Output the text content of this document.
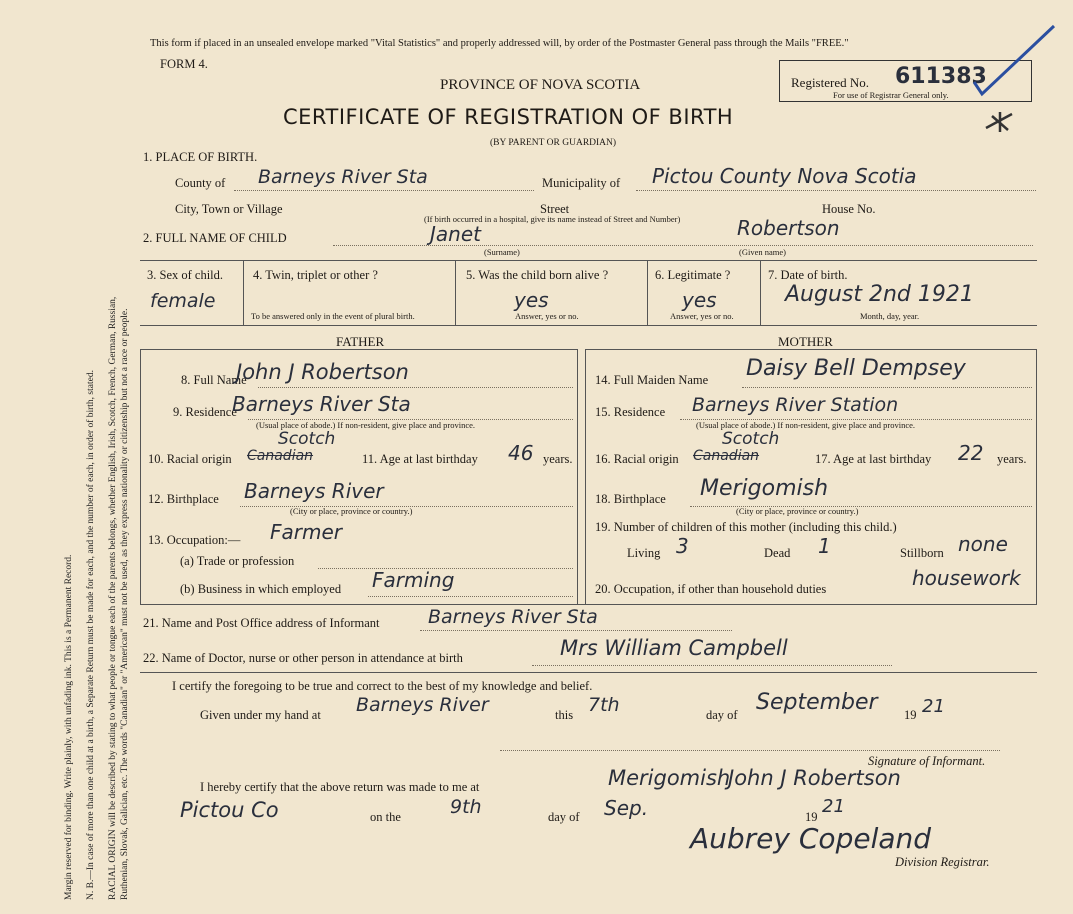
Margin reserved for binding. Write plainly, with unfading ink. This is a Permanent Record. N. B.—In case of more than one child at a birth, a Separate Return must be made for each, and the number of each, in order of birth, stated. RACIAL ORIGIN will be described by stating to what people or tongue each of the parents belongs, whether English, Irish, Scotch, French, German, Russian, Ruthenian, Slovak, Galician, etc. The words "Canadian" or "American" must not be used, as they express nationality or citizenship but not a race or people.
This form if placed in an unsealed envelope marked "Vital Statistics" and properly addressed will, by order of the Postmaster General pass through the Mails "FREE."
FORM 4.
PROVINCE OF NOVA SCOTIA
CERTIFICATE OF REGISTRATION OF BIRTH
(BY PARENT OR GUARDIAN)
Registered No. 611383
For use of Registrar General only.
1. PLACE OF BIRTH.
County of Barneys River Sta	Municipality of Pictou County Nova Scotia
City, Town or Village	Street	House No.
(If birth occurred in a hospital, give its name instead of Street and Number)
2. FULL NAME OF CHILD	Janet	Robertson
(Surname)	(Given name)
3. Sex of child.
female
4. Twin, triplet or other ?
To be answered only in the event of plural birth.
5. Was the child born alive ?
yes
Answer, yes or no.
6. Legitimate ?
yes
Answer, yes or no.
7. Date of birth.
August 2nd 1921
Month, day, year.
FATHER	MOTHER
8. Full Name
John J Robertson
9. Residence
Barneys River Sta
(Usual place of abode.) If non-resident, give place and province.
10. Racial origin Canadian
Scotch
11. Age at last birthday 46 years.
12. Birthplace Barneys River
(City or place, province or country.)
13. Occupation:— Farmer
(a) Trade or profession
(b) Business in which employed Farming
14. Full Maiden Name Daisy Bell Dempsey
15. Residence Barneys River Station
(Usual place of abode.) If non-resident, give place and province.
16. Racial origin Canadian
Scotch
17. Age at last birthday 22 years.
18. Birthplace Merigomish
(City or place, province or country.)
19. Number of children of this mother (including this child.)
Living 3	Dead 1	Stillborn none
20. Occupation, if other than household duties	housework
21. Name and Post Office address of Informant	Barneys River Sta
22. Name of Doctor, nurse or other person in attendance at birth	Mrs William Campbell
I certify the foregoing to be true and correct to the best of my knowledge and belief.
Given under my hand at Barneys River	this 7th	day of September 19 21
Signature of Informant.
I hereby certify that the above return was made to me at	Merigomish
John J Robertson
Pictou Co	on the	9th	day of Sep.	19 21
Aubrey Copeland
Division Registrar.
